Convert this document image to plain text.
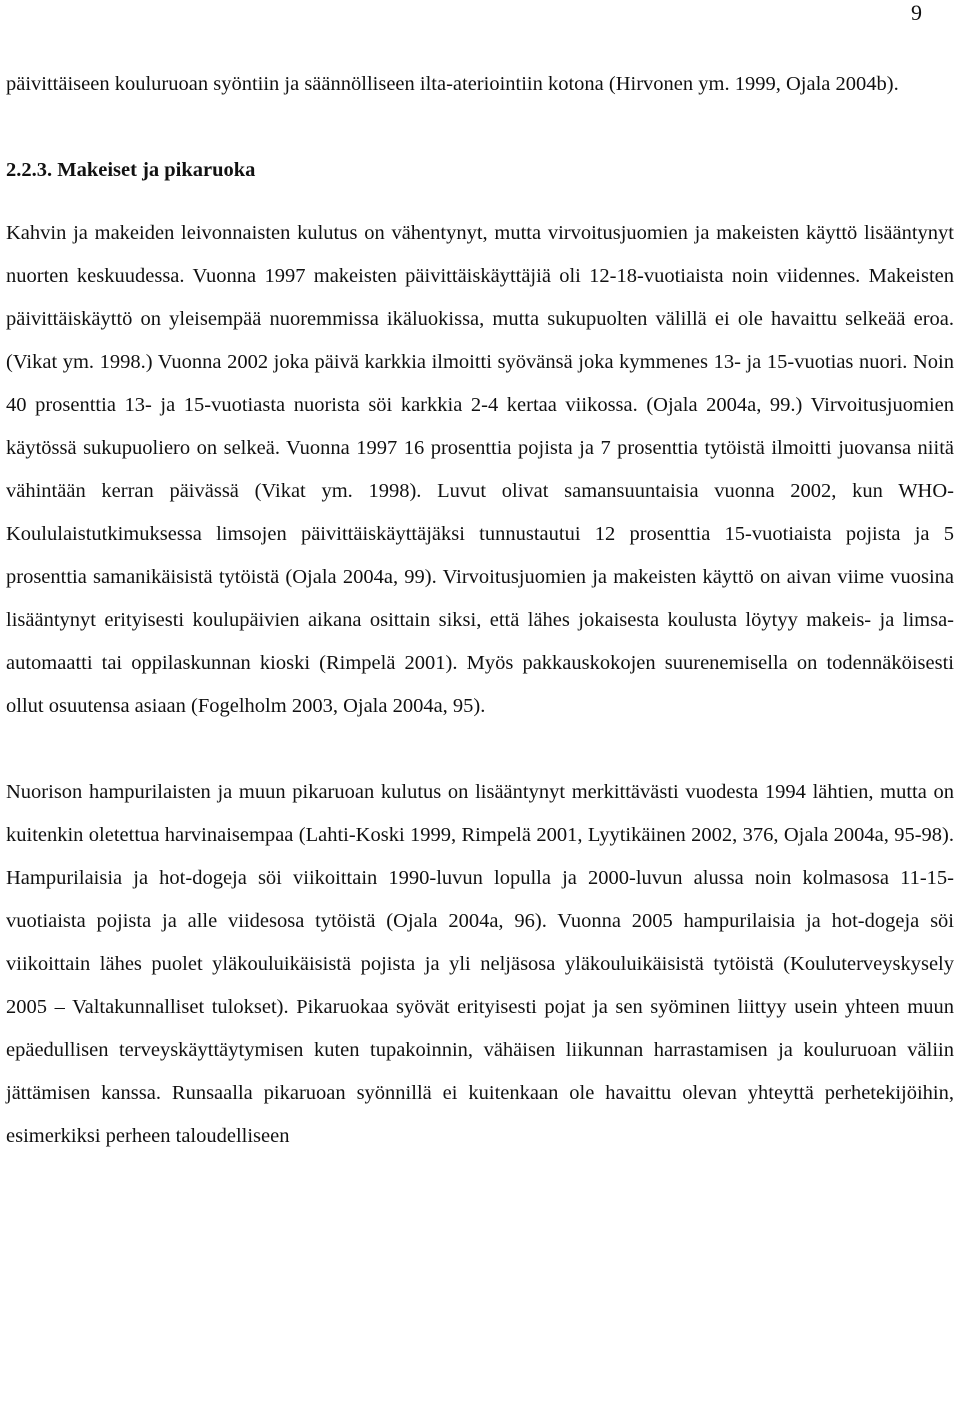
9

päivittäiseen kouluruoan syöntiin ja säännölliseen ilta-ateriointiin kotona (Hirvonen ym. 1999, Ojala 2004b).

2.2.3. Makeiset ja pikaruoka

Kahvin ja makeiden leivonnaisten kulutus on vähentynyt, mutta virvoitusjuomien ja makeisten käyttö lisääntynyt nuorten keskuudessa. Vuonna 1997 makeisten päivittäiskäyttäjiä oli 12-18-vuotiaista noin viidennes. Makeisten päivittäiskäyttö on yleisempää nuoremmissa ikäluokissa, mutta sukupuolten välillä ei ole havaittu selkeää eroa. (Vikat ym. 1998.) Vuonna 2002 joka päivä karkkia ilmoitti syövänsä joka kymmenes 13- ja 15-vuotias nuori. Noin 40 prosenttia 13- ja 15-vuotiasta nuorista söi karkkia 2-4 kertaa viikossa. (Ojala 2004a, 99.) Virvoitusjuomien käytössä sukupuoliero on selkeä. Vuonna 1997 16 prosenttia pojista ja 7 prosenttia tytöistä ilmoitti juovansa niitä vähintään kerran päivässä (Vikat ym. 1998). Luvut olivat samansuuntaisia vuonna 2002, kun WHO-Koululaistutkimuksessa limsojen päivittäiskäyttäjäksi tunnustautui 12 prosenttia 15-vuotiaista pojista ja 5 prosenttia samanikäisistä tytöistä (Ojala 2004a, 99). Virvoitusjuomien ja makeisten käyttö on aivan viime vuosina lisääntynyt erityisesti koulupäivien aikana osittain siksi, että lähes jokaisesta koulusta löytyy makeis- ja limsa-automaatti tai oppilaskunnan kioski (Rimpelä 2001). Myös pakkauskokojen suurenemisella on todennäköisesti ollut osuutensa asiaan (Fogelholm 2003, Ojala 2004a, 95).

Nuorison hampurilaisten ja muun pikaruoan kulutus on lisääntynyt merkittävästi vuodesta 1994 lähtien, mutta on kuitenkin oletettua harvinaisempaa (Lahti-Koski 1999, Rimpelä 2001, Lyytikäinen 2002, 376, Ojala 2004a, 95-98). Hampurilaisia ja hot-dogeja söi viikoittain 1990-luvun lopulla ja 2000-luvun alussa noin kolmasosa 11-15-vuotiaista pojista ja alle viidesosa tytöistä (Ojala 2004a, 96). Vuonna 2005 hampurilaisia ja hot-dogeja söi viikoittain lähes puolet yläkouluikäisistä pojista ja yli neljäsosa yläkouluikäisistä tytöistä (Kouluterveyskysely 2005 – Valtakunnalliset tulokset). Pikaruokaa syövät erityisesti pojat ja sen syöminen liittyy usein yhteen muun epäedullisen terveyskäyttäytymisen kuten tupakoinnin, vähäisen liikunnan harrastamisen ja kouluruoan väliin jättämisen kanssa. Runsaalla pikaruoan syönnillä ei kuitenkaan ole havaittu olevan yhteyttä perhetekijöihin, esimerkiksi perheen taloudelliseen
